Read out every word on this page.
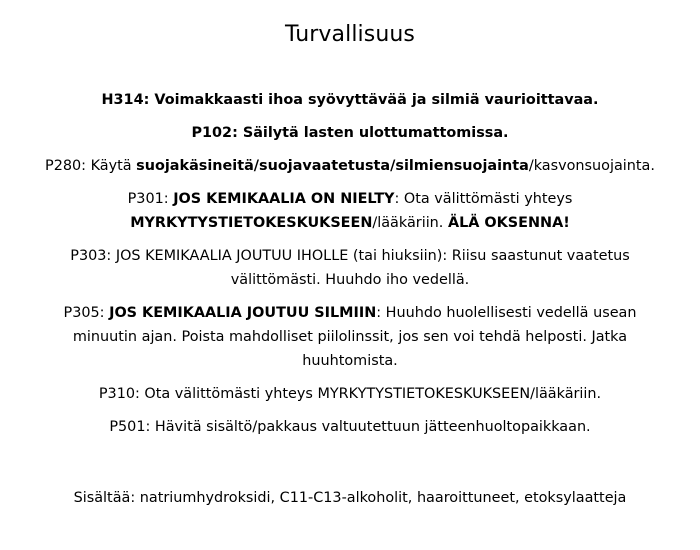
Turvallisuus

H314: Voimakkaasti ihoa syövyttävää ja silmiä vaurioittavaa.

P102: Säilytä lasten ulottumattomissa.

P280: Käytä suojakäsineitä/suojavaatetusta/silmiensuojainta/kasvonsuojainta.

P301: JOS KEMIKAALIA ON NIELTY: Ota välittömästi yhteys
MYRKYTYSTIETOKESKUKSEEN/lääkäriin. ÄLÄ OKSENNA!

P303: JOS KEMIKAALIA JOUTUU IHOLLE (tai hiuksiin): Riisu saastunut vaatetus välittömästi. Huuhdo iho vedellä.

P305: JOS KEMIKAALIA JOUTUU SILMIIN: Huuhdo huolellisesti vedellä usean minuutin ajan. Poista mahdolliset piilolinssit, jos sen voi tehdä helposti. Jatka huuhtomista.

P310: Ota välittömästi yhteys MYRKYTYSTIETOKESKUKSEEN/lääkäriin.

P501: Hävitä sisältö/pakkaus valtuutettuun jätteenhuoltopaikkaan.

Sisältää: natriumhydroksidi, C11-C13-alkoholit, haaroittuneet, etoksylaatteja
